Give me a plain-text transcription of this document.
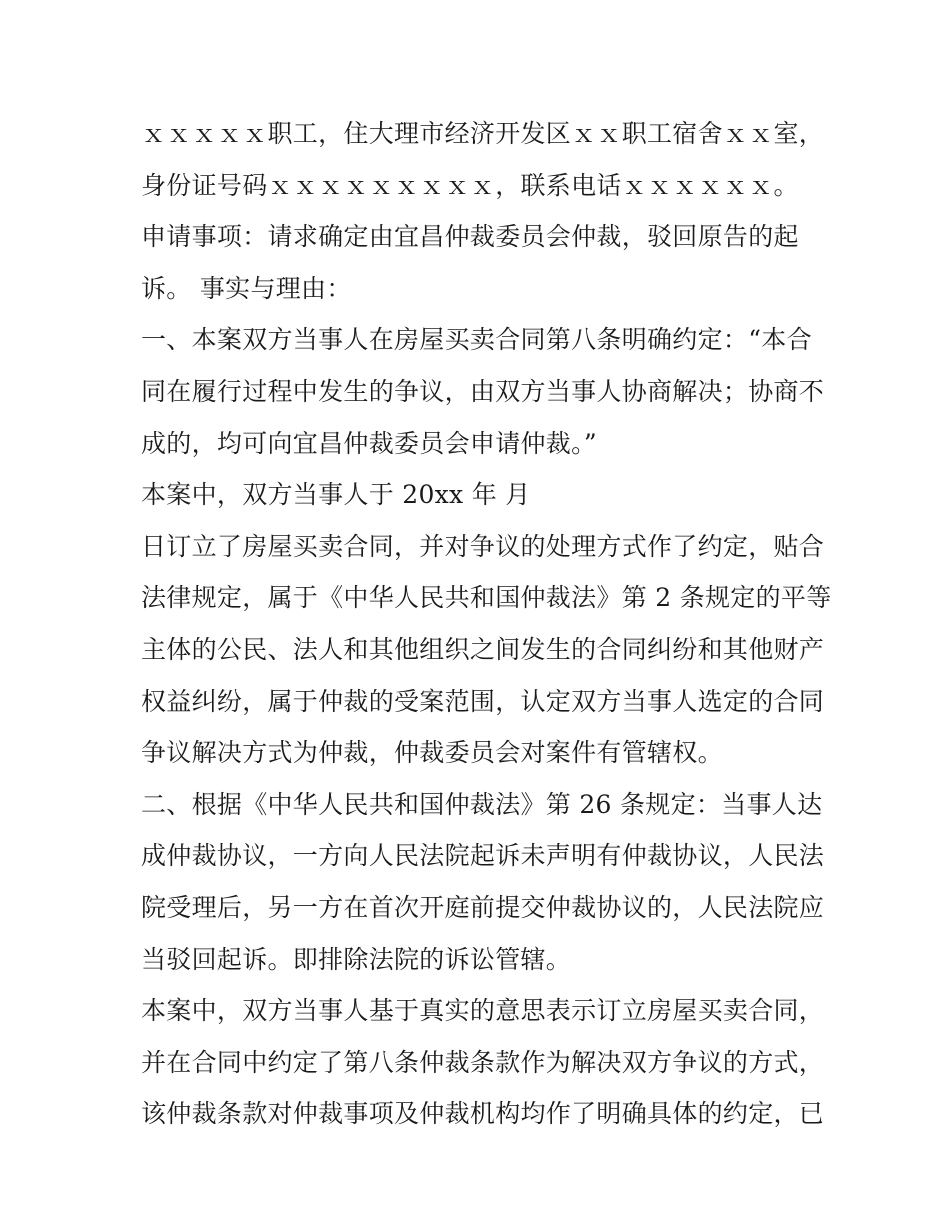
ｘｘｘｘｘ职工，住大理市经济开发区ｘｘ职工宿舍ｘｘ室，
身份证号码ｘｘｘｘｘｘｘｘｘ，联系电话ｘｘｘｘｘｘ。
申请事项：请求确定由宜昌仲裁委员会仲裁，驳回原告的起
诉。 事实与理由：
一、本案双方当事人在房屋买卖合同第八条明确约定：“本合
同在履行过程中发生的争议，由双方当事人协商解决；协商不
成的，均可向宜昌仲裁委员会申请仲裁。”
本案中，双方当事人于 20xx 年 月
日订立了房屋买卖合同，并对争议的处理方式作了约定，贴合
法律规定，属于《中华人民共和国仲裁法》第 2 条规定的平等
主体的公民、法人和其他组织之间发生的合同纠纷和其他财产
权益纠纷，属于仲裁的受案范围，认定双方当事人选定的合同
争议解决方式为仲裁，仲裁委员会对案件有管辖权。
二、根据《中华人民共和国仲裁法》第 26 条规定：当事人达
成仲裁协议，一方向人民法院起诉未声明有仲裁协议，人民法
院受理后，另一方在首次开庭前提交仲裁协议的，人民法院应
当驳回起诉。即排除法院的诉讼管辖。
本案中，双方当事人基于真实的意思表示订立房屋买卖合同，
并在合同中约定了第八条仲裁条款作为解决双方争议的方式，
该仲裁条款对仲裁事项及仲裁机构均作了明确具体的约定，已
